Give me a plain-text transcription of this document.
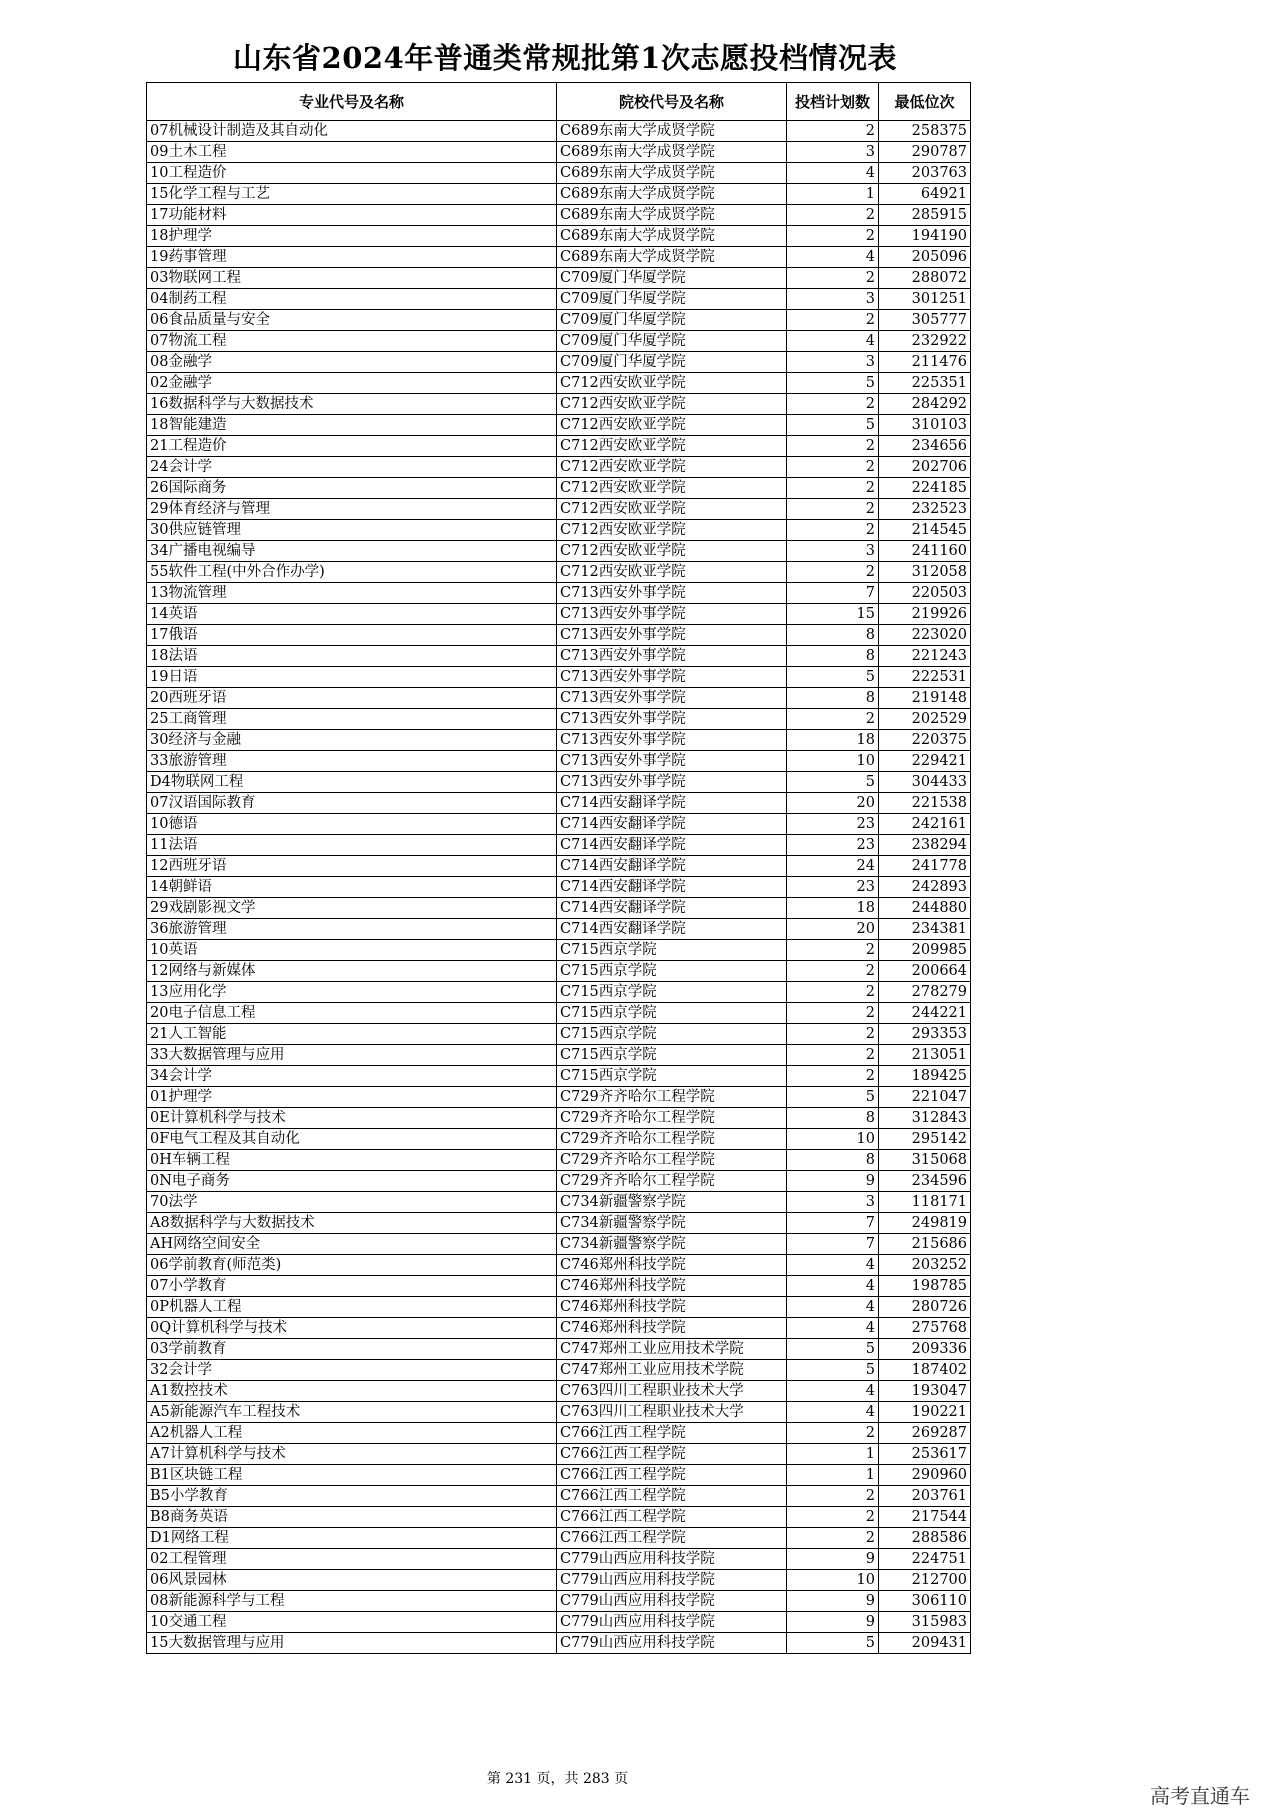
山东省2024年普通类常规批第1次志愿投档情况表
专业代号及名称	院校代号及名称	投档计划数	最低位次
07机械设计制造及其自动化	C689东南大学成贤学院	2	258375
09土木工程	C689东南大学成贤学院	3	290787
10工程造价	C689东南大学成贤学院	4	203763
15化学工程与工艺	C689东南大学成贤学院	1	64921
17功能材料	C689东南大学成贤学院	2	285915
18护理学	C689东南大学成贤学院	2	194190
19药事管理	C689东南大学成贤学院	4	205096
03物联网工程	C709厦门华厦学院	2	288072
04制药工程	C709厦门华厦学院	3	301251
06食品质量与安全	C709厦门华厦学院	2	305777
07物流工程	C709厦门华厦学院	4	232922
08金融学	C709厦门华厦学院	3	211476
02金融学	C712西安欧亚学院	5	225351
16数据科学与大数据技术	C712西安欧亚学院	2	284292
18智能建造	C712西安欧亚学院	5	310103
21工程造价	C712西安欧亚学院	2	234656
24会计学	C712西安欧亚学院	2	202706
26国际商务	C712西安欧亚学院	2	224185
29体育经济与管理	C712西安欧亚学院	2	232523
30供应链管理	C712西安欧亚学院	2	214545
34广播电视编导	C712西安欧亚学院	3	241160
55软件工程(中外合作办学)	C712西安欧亚学院	2	312058
13物流管理	C713西安外事学院	7	220503
14英语	C713西安外事学院	15	219926
17俄语	C713西安外事学院	8	223020
18法语	C713西安外事学院	8	221243
19日语	C713西安外事学院	5	222531
20西班牙语	C713西安外事学院	8	219148
25工商管理	C713西安外事学院	2	202529
30经济与金融	C713西安外事学院	18	220375
33旅游管理	C713西安外事学院	10	229421
D4物联网工程	C713西安外事学院	5	304433
07汉语国际教育	C714西安翻译学院	20	221538
10德语	C714西安翻译学院	23	242161
11法语	C714西安翻译学院	23	238294
12西班牙语	C714西安翻译学院	24	241778
14朝鲜语	C714西安翻译学院	23	242893
29戏剧影视文学	C714西安翻译学院	18	244880
36旅游管理	C714西安翻译学院	20	234381
10英语	C715西京学院	2	209985
12网络与新媒体	C715西京学院	2	200664
13应用化学	C715西京学院	2	278279
20电子信息工程	C715西京学院	2	244221
21人工智能	C715西京学院	2	293353
33大数据管理与应用	C715西京学院	2	213051
34会计学	C715西京学院	2	189425
01护理学	C729齐齐哈尔工程学院	5	221047
0E计算机科学与技术	C729齐齐哈尔工程学院	8	312843
0F电气工程及其自动化	C729齐齐哈尔工程学院	10	295142
0H车辆工程	C729齐齐哈尔工程学院	8	315068
0N电子商务	C729齐齐哈尔工程学院	9	234596
70法学	C734新疆警察学院	3	118171
A8数据科学与大数据技术	C734新疆警察学院	7	249819
AH网络空间安全	C734新疆警察学院	7	215686
06学前教育(师范类)	C746郑州科技学院	4	203252
07小学教育	C746郑州科技学院	4	198785
0P机器人工程	C746郑州科技学院	4	280726
0Q计算机科学与技术	C746郑州科技学院	4	275768
03学前教育	C747郑州工业应用技术学院	5	209336
32会计学	C747郑州工业应用技术学院	5	187402
A1数控技术	C763四川工程职业技术大学	4	193047
A5新能源汽车工程技术	C763四川工程职业技术大学	4	190221
A2机器人工程	C766江西工程学院	2	269287
A7计算机科学与技术	C766江西工程学院	1	253617
B1区块链工程	C766江西工程学院	1	290960
B5小学教育	C766江西工程学院	2	203761
B8商务英语	C766江西工程学院	2	217544
D1网络工程	C766江西工程学院	2	288586
02工程管理	C779山西应用科技学院	9	224751
06风景园林	C779山西应用科技学院	10	212700
08新能源科学与工程	C779山西应用科技学院	9	306110
10交通工程	C779山西应用科技学院	9	315983
15大数据管理与应用	C779山西应用科技学院	5	209431
第 231 页，共 283 页
高考直通车
